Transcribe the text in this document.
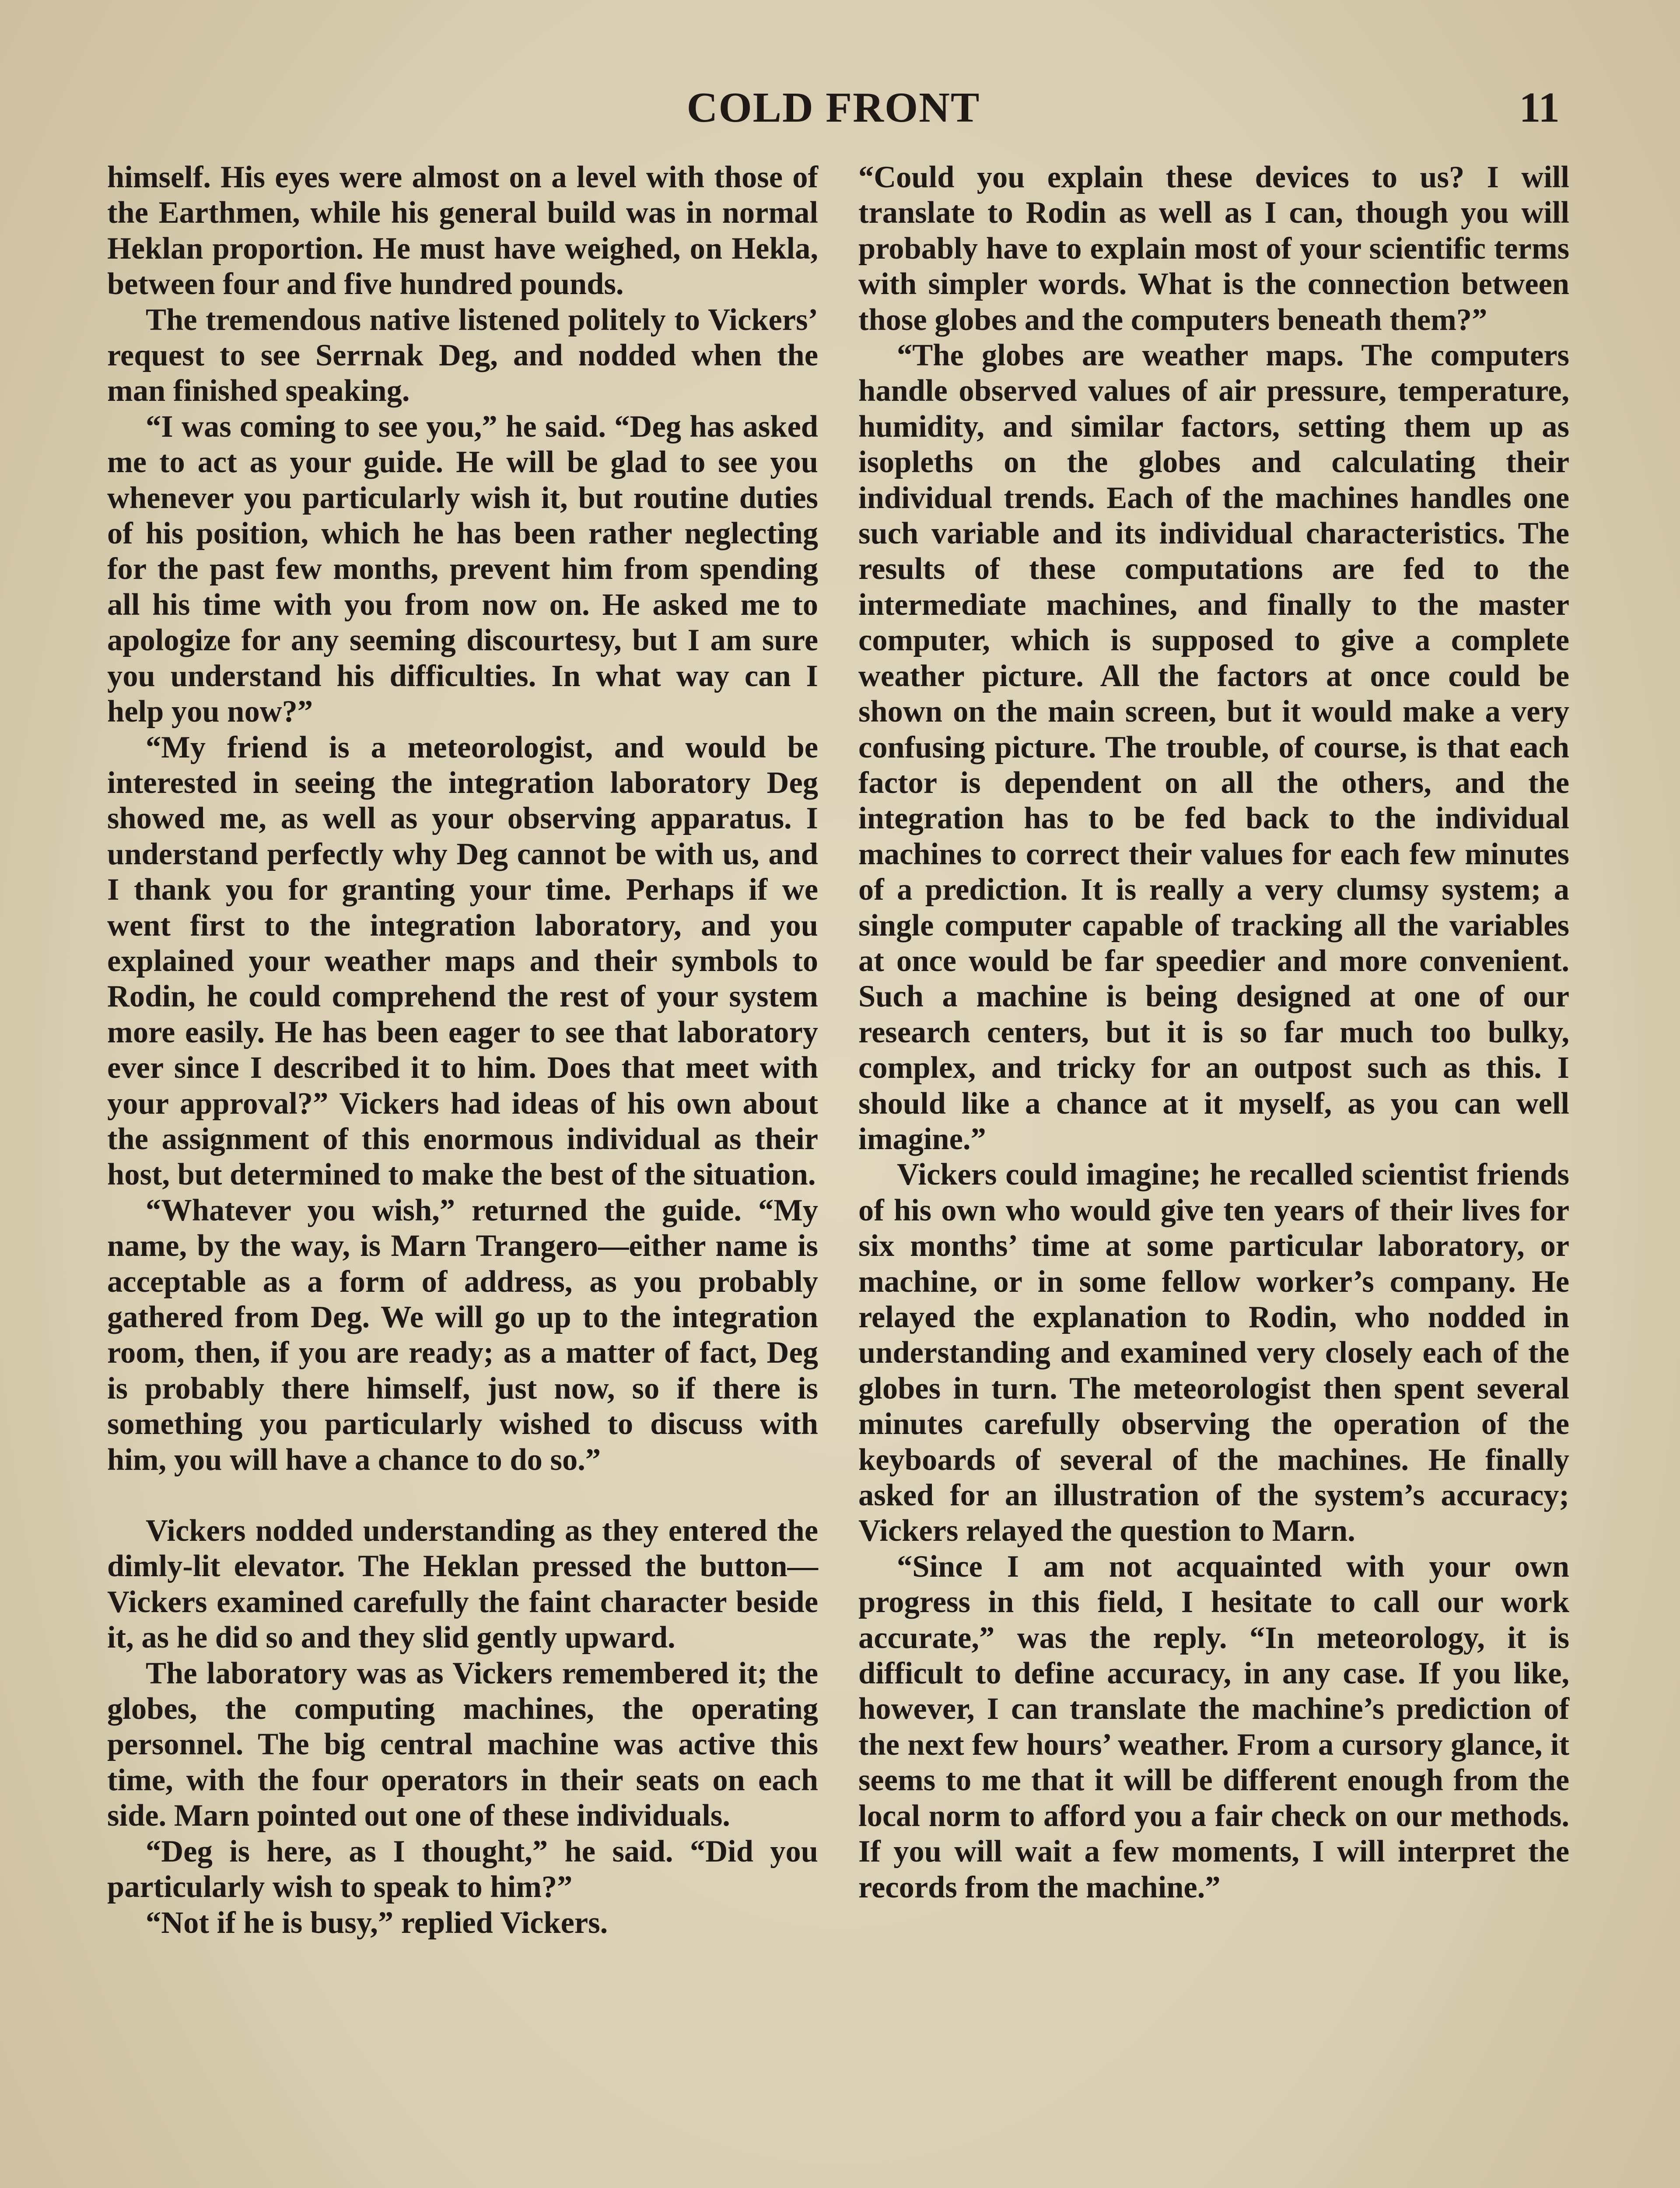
COLD FRONT	11

himself. His eyes were almost on a level with those of the Earthmen, while his general build was in normal Heklan proportion. He must have weighed, on Hekla, between four and five hundred pounds.

The tremendous native listened politely to Vickers’ request to see Serrnak Deg, and nodded when the man finished speaking.

“I was coming to see you,” he said. “Deg has asked me to act as your guide. He will be glad to see you whenever you particularly wish it, but routine duties of his position, which he has been rather neglecting for the past few months, prevent him from spending all his time with you from now on. He asked me to apologize for any seeming discourtesy, but I am sure you understand his difficulties. In what way can I help you now?”

“My friend is a meteorologist, and would be interested in seeing the integration laboratory Deg showed me, as well as your observing apparatus. I understand perfectly why Deg cannot be with us, and I thank you for granting your time. Perhaps if we went first to the integration laboratory, and you explained your weather maps and their symbols to Rodin, he could comprehend the rest of your system more easily. He has been eager to see that laboratory ever since I described it to him. Does that meet with your approval?” Vickers had ideas of his own about the assignment of this enormous individual as their host, but determined to make the best of the situation.

“Whatever you wish,” returned the guide. “My name, by the way, is Marn Trangero—either name is acceptable as a form of address, as you probably gathered from Deg. We will go up to the integration room, then, if you are ready; as a matter of fact, Deg is probably there himself, just now, so if there is something you particularly wished to discuss with him, you will have a chance to do so.”

Vickers nodded understanding as they entered the dimly-lit elevator. The Heklan pressed the button—Vickers examined carefully the faint character beside it, as he did so and they slid gently upward.

The laboratory was as Vickers remembered it; the globes, the computing machines, the operating personnel. The big central machine was active this time, with the four operators in their seats on each side. Marn pointed out one of these individuals.

“Deg is here, as I thought,” he said. “Did you particularly wish to speak to him?”

“Not if he is busy,” replied Vickers.

“Could you explain these devices to us? I will translate to Rodin as well as I can, though you will probably have to explain most of your scientific terms with simpler words. What is the connection between those globes and the computers beneath them?”

“The globes are weather maps. The computers handle observed values of air pressure, temperature, humidity, and similar factors, setting them up as isopleths on the globes and calculating their individual trends. Each of the machines handles one such variable and its individual characteristics. The results of these computations are fed to the intermediate machines, and finally to the master computer, which is supposed to give a complete weather picture. All the factors at once could be shown on the main screen, but it would make a very confusing picture. The trouble, of course, is that each factor is dependent on all the others, and the integration has to be fed back to the individual machines to correct their values for each few minutes of a prediction. It is really a very clumsy system; a single computer capable of tracking all the variables at once would be far speedier and more convenient. Such a machine is being designed at one of our research centers, but it is so far much too bulky, complex, and tricky for an outpost such as this. I should like a chance at it myself, as you can well imagine.”

Vickers could imagine; he recalled scientist friends of his own who would give ten years of their lives for six months’ time at some particular laboratory, or machine, or in some fellow worker’s company. He relayed the explanation to Rodin, who nodded in understanding and examined very closely each of the globes in turn. The meteorologist then spent several minutes carefully observing the operation of the keyboards of several of the machines. He finally asked for an illustration of the system’s accuracy; Vickers relayed the question to Marn.

“Since I am not acquainted with your own progress in this field, I hesitate to call our work accurate,” was the reply. “In meteorology, it is difficult to define accuracy, in any case. If you like, however, I can translate the machine’s prediction of the next few hours’ weather. From a cursory glance, it seems to me that it will be different enough from the local norm to afford you a fair check on our methods. If you will wait a few moments, I will interpret the records from the machine.”
